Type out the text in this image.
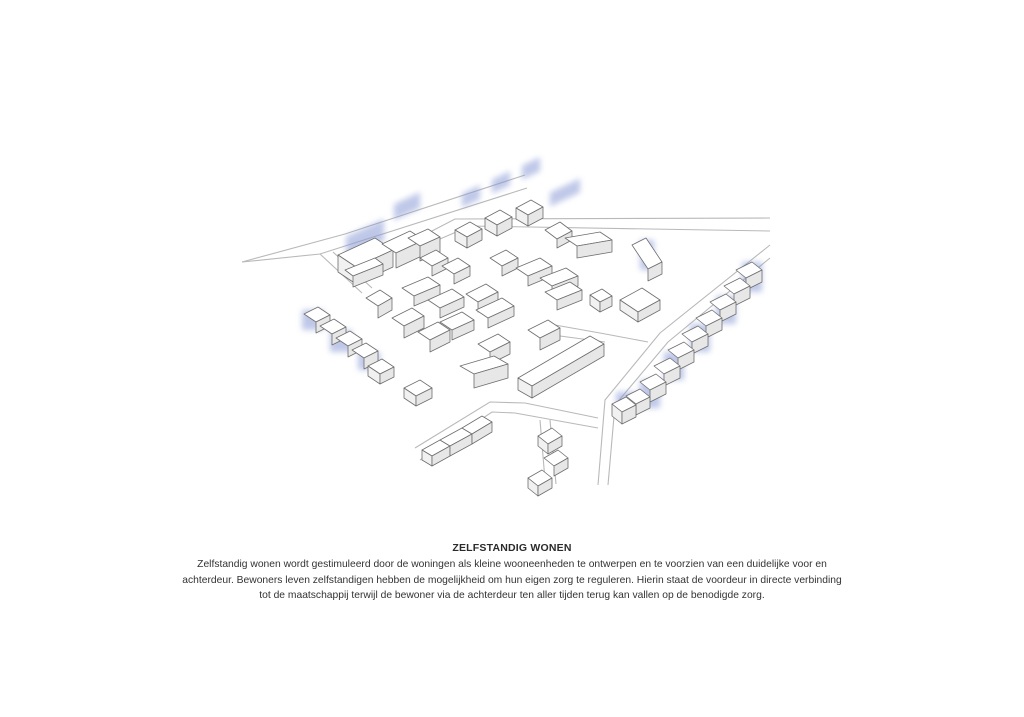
ZELFSTANDIG WONEN

Zelfstandig wonen wordt gestimuleerd door de woningen als kleine wooneenheden te ontwerpen en te voorzien van een duidelijke voor en achterdeur. Bewoners leven zelfstandigen hebben de mogelijkheid om hun eigen zorg te reguleren. Hierin staat de voordeur in directe verbinding tot de maatschappij terwijl de bewoner via de achterdeur ten aller tijden terug kan vallen op de benodigde zorg.
